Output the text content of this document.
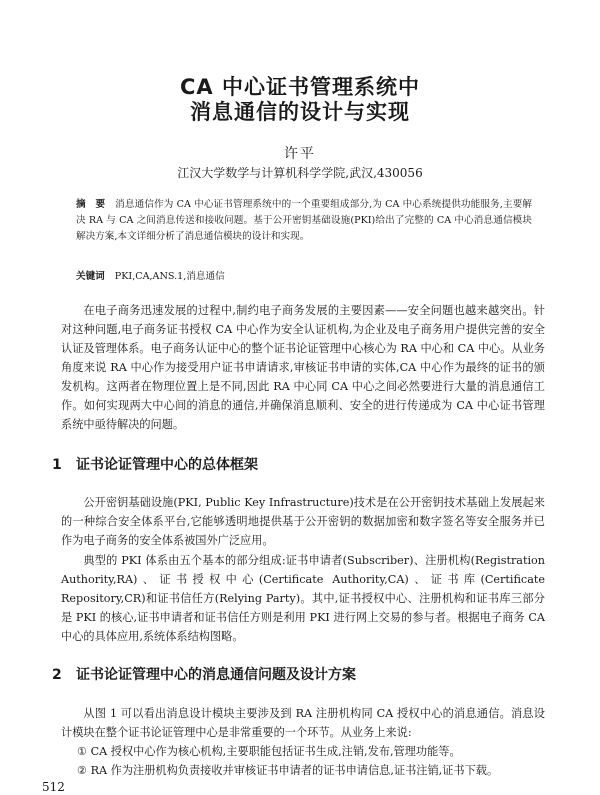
CA 中心证书管理系统中
消息通信的设计与实现
许平
江汉大学数学与计算机科学学院,武汉,430056
摘　要 消息通信作为 CA 中心证书管理系统中的一个重要组成部分,为 CA 中心系统提供功能服务,主要解决 RA 与 CA 之间消息传送和接收问题。基于公开密钥基础设施(PKI)给出了完整的 CA 中心消息通信模块解决方案,本文详细分析了消息通信模块的设计和实现。
关键词 PKI,CA,ANS.1,消息通信
在电子商务迅速发展的过程中,制约电子商务发展的主要因素——安全问题也越来越突出。针对这种问题,电子商务证书授权 CA 中心作为安全认证机构,为企业及电子商务用户提供完善的安全认证及管理体系。电子商务认证中心的整个证书论证管理中心核心为 RA 中心和 CA 中心。从业务角度来说 RA 中心作为接受用户证书申请请求,审核证书申请的实体,CA 中心作为最终的证书的颁发机构。这两者在物理位置上是不同,因此 RA 中心同 CA 中心之间必然要进行大量的消息通信工作。如何实现两大中心间的消息的通信,并确保消息顺利、安全的进行传递成为 CA 中心证书管理系统中亟待解决的问题。
1 证书论证管理中心的总体框架
公开密钥基础设施(PKI, Public Key Infrastructure)技术是在公开密钥技术基础上发展起来的一种综合安全体系平台,它能够透明地提供基于公开密钥的数据加密和数字签名等安全服务并已作为电子商务的安全体系被国外广泛应用。
典型的 PKI 体系由五个基本的部分组成:证书申请者(Subscriber)、注册机构(Registration Authority,RA)、证书授权中心(Certificate Authority,CA)、证书库(Certificate Repository,CR)和证书信任方(Relying Party)。其中,证书授权中心、注册机构和证书库三部分是 PKI 的核心,证书申请者和证书信任方则是利用 PKI 进行网上交易的参与者。根据电子商务 CA 中心的具体应用,系统体系结构图略。
2 证书论证管理中心的消息通信问题及设计方案
从图 1 可以看出消息设计模块主要涉及到 RA 注册机构同 CA 授权中心的消息通信。消息设计模块在整个证书论证管理中心是非常重要的一个环节。从业务上来说:
① CA 授权中心作为核心机构,主要职能包括证书生成,注销,发布,管理功能等。
② RA 作为注册机构负责接收并审核证书申请者的证书申请信息,证书注销,证书下载。
512
